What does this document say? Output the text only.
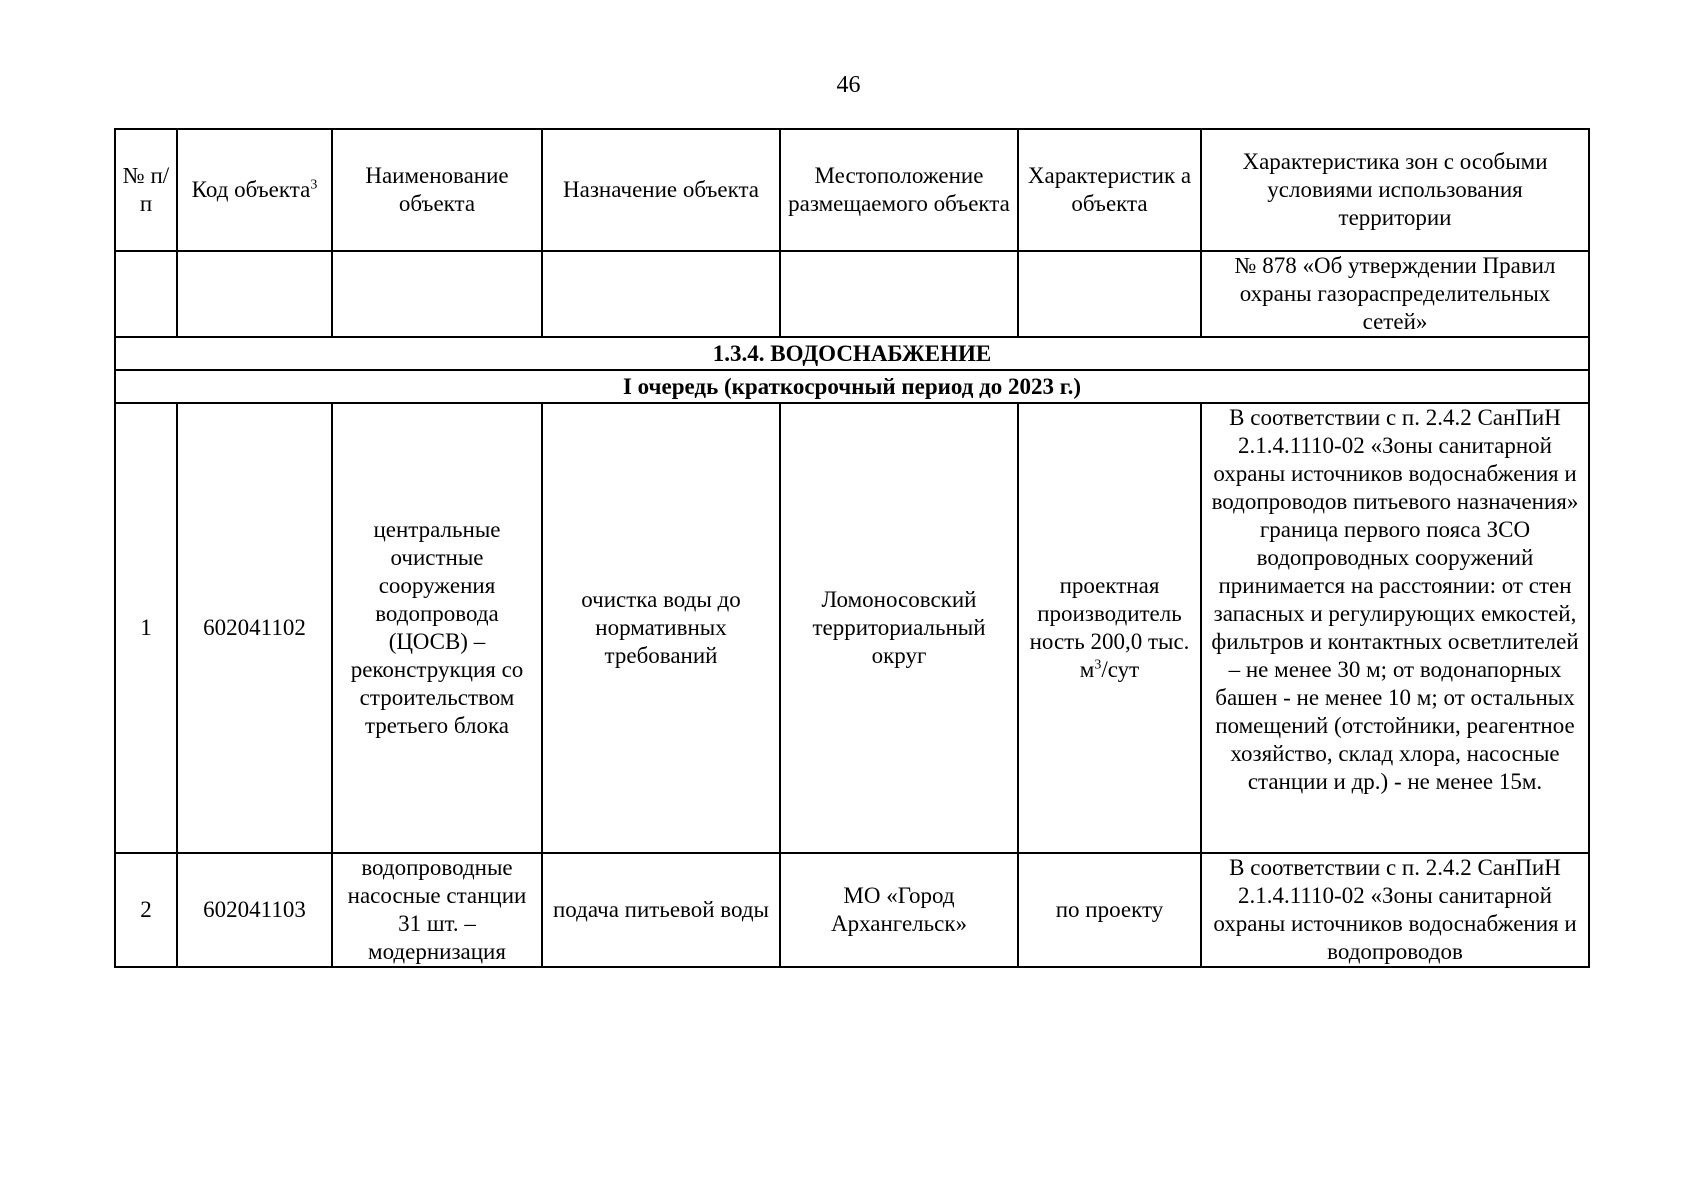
46
№ п/п	Код объекта$^3$	Наименование объекта	Назначение объекта	Местоположение размещаемого объекта	Характеристик а объекта	Характеристика зон с особыми условиями использования территории
						№ 878 «Об утверждении Правил охраны газораспределительных сетей»
1.3.4. ВОДОСНАБЖЕНИЕ						
I очередь (краткосрочный период до 2023 г.)						
1	602041102	центральные очистные сооружения водопровода (ЦОСВ) – реконструкция со строительством третьего блока	очистка воды до нормативных требований	Ломоносовский территориальный округ	проектная производитель ность 200,0 тыс. $м^3$/сут	В соответствии с п. 2.4.2 СанПиН 2.1.4.1110-02 «Зоны санитарной охраны источников водоснабжения и водопроводов питьевого назначения» граница первого пояса ЗСО водопроводных сооружений принимается на расстоянии: от стен запасных и регулирующих емкостей, фильтров и контактных осветлителей – не менее 30 м; от водонапорных башен - не менее 10 м; от остальных помещений (отстойники, реагентное хозяйство, склад хлора, насосные станции и др.) - не менее 15м.
2	602041103	водопроводные насосные станции 31 шт. – модернизация	подача питьевой воды	МО «Город Архангельск»	по проекту	В соответствии с п. 2.4.2 СанПиН 2.1.4.1110-02 «Зоны санитарной охраны источников водоснабжения и водопроводов
